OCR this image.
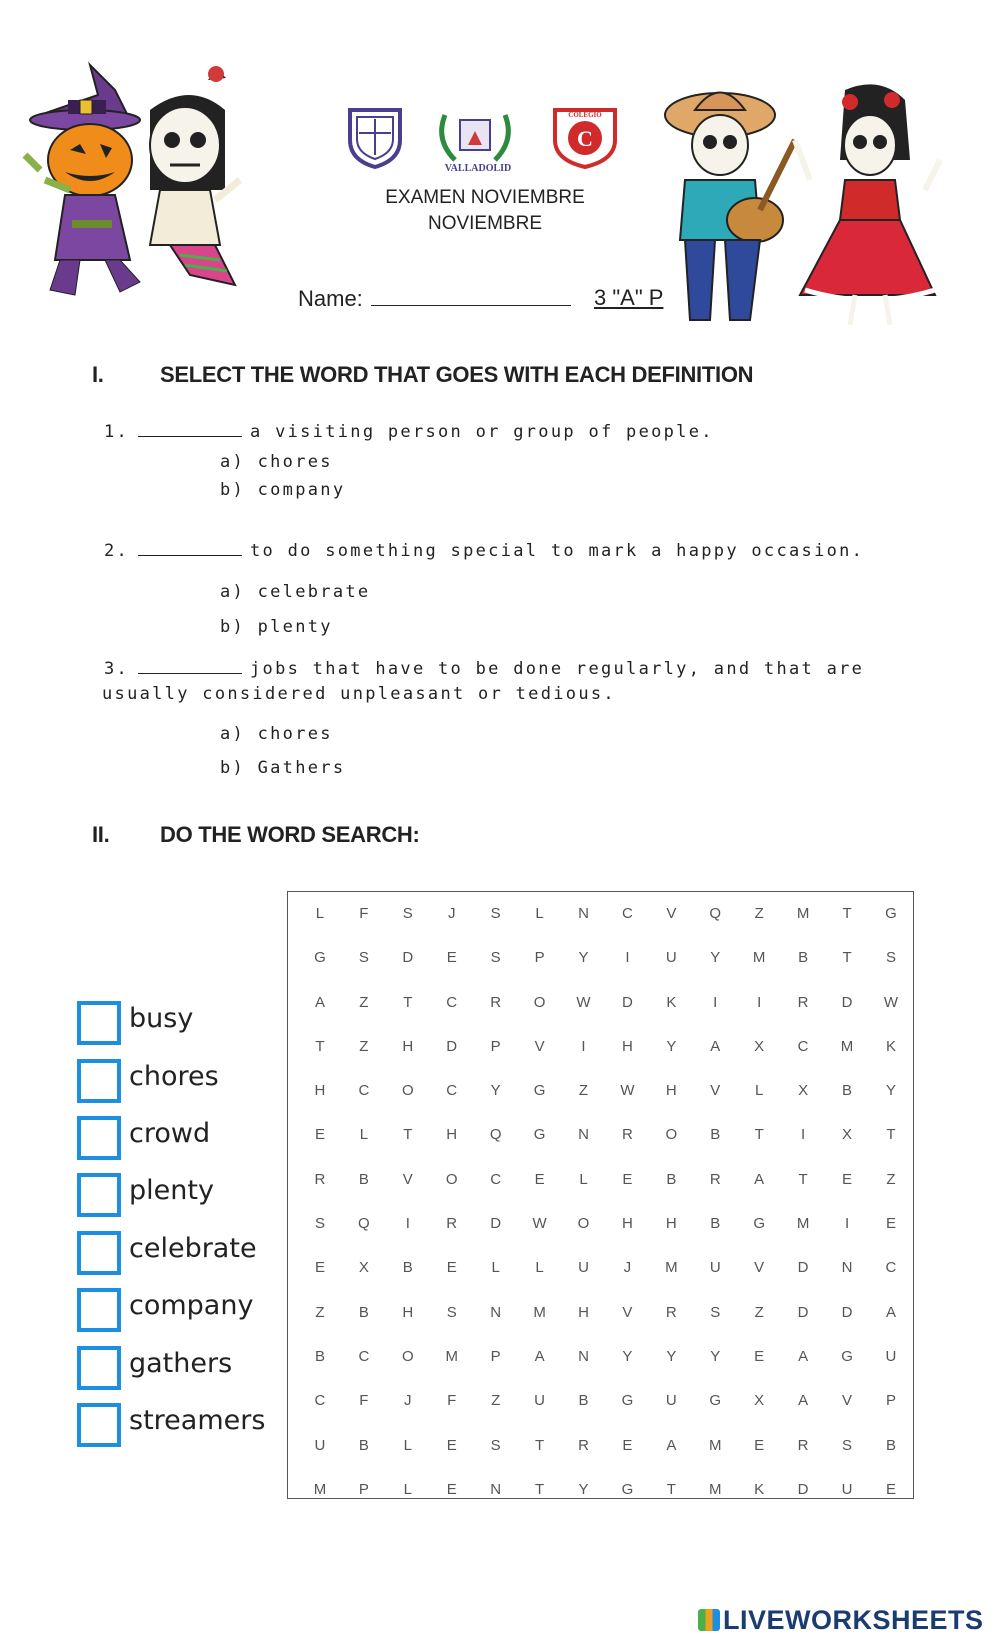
VALLADOLID
C
COLEGIO
EXAMEN NOVIEMBRE
NOVIEMBRE
Name:	3 "A" P
I.	SELECT THE WORD THAT GOES WITH EACH DEFINITION
1.	a visiting person or group of people.
a) chores
b) company
2.	to do something special to mark a happy occasion.
a) celebrate
b) plenty
3.	jobs that have to be done regularly, and that are
usually considered unpleasant or tedious.
a) chores
b) Gathers
II. DO THE WORD SEARCH:
busy
chores
crowd
plenty
celebrate
company
gathers
streamers
L	F	S	J	S	L	N	C	V	Q	Z	M	T	G
G	S	D	E	S	P	Y	I	U	Y	M	B	T	S
A	Z	T	C	R	O	W	D	K	I	I	R	D	W
T	Z	H	D	P	V	I	H	Y	A	X	C	M	K
H	C	O	C	Y	G	Z	W	H	V	L	X	B	Y
E	L	T	H	Q	G	N	R	O	B	T	I	X	T
R	B	V	O	C	E	L	E	B	R	A	T	E	Z
S	Q	I	R	D	W	O	H	H	B	G	M	I	E
E	X	B	E	L	L	U	J	M	U	V	D	N	C
Z	B	H	S	N	M	H	V	R	S	Z	D	D	A
B	C	O	M	P	A	N	Y	Y	Y	E	A	G	U
C	F	J	F	Z	U	B	G	U	G	X	A	V	P
U	B	L	E	S	T	R	E	A	M	E	R	S	B
M	P	L	E	N	T	Y	G	T	M	K	D	U	E
LIVEWORKSHEETS
